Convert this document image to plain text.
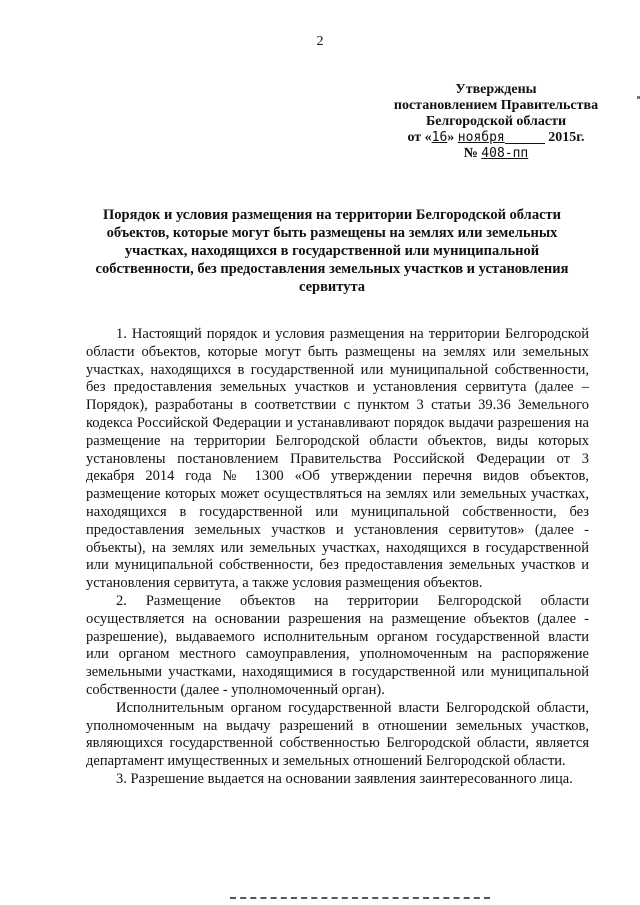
2
Утверждены
постановлением Правительства
Белгородской области
от «16» ноября	2015г.
№ 408-пп
Порядок и условия размещения на территории Белгородской области объектов, которые могут быть размещены на землях или земельных участках, находящихся в государственной или муниципальной собственности, без предоставления земельных участков и установления сервитута

1. Настоящий порядок и условия размещения на территории Белгородской области объектов, которые могут быть размещены на землях или земельных участках, находящихся в государственной или муниципальной собственности, без предоставления земельных участков и установления сервитута (далее – Порядок), разработаны в соответствии с пунктом 3 статьи 39.36 Земельного кодекса Российской Федерации и устанавливают порядок выдачи разрешения на размещение на территории Белгородской области объектов, виды которых установлены постановлением Правительства Российской Федерации от 3 декабря 2014 года № 1300 «Об утверждении перечня видов объектов, размещение которых может осуществляться на землях или земельных участках, находящихся в государственной или муниципальной собственности, без предоставления земельных участков и установления сервитутов» (далее - объекты), на землях или земельных участках, находящихся в государственной или муниципальной собственности, без предоставления земельных участков и установления сервитута, а также условия размещения объектов.

2. Размещение объектов на территории Белгородской области осуществляется на основании разрешения на размещение объектов (далее - разрешение), выдаваемого исполнительным органом государственной власти или органом местного самоуправления, уполномоченным на распоряжение земельными участками, находящимися в государственной или муниципальной собственности (далее - уполномоченный орган).

Исполнительным органом государственной власти Белгородской области, уполномоченным на выдачу разрешений в отношении земельных участков, являющихся государственной собственностью Белгородской области, является департамент имущественных и земельных отношений Белгородской области.

3. Разрешение выдается на основании заявления заинтересованного лица.
